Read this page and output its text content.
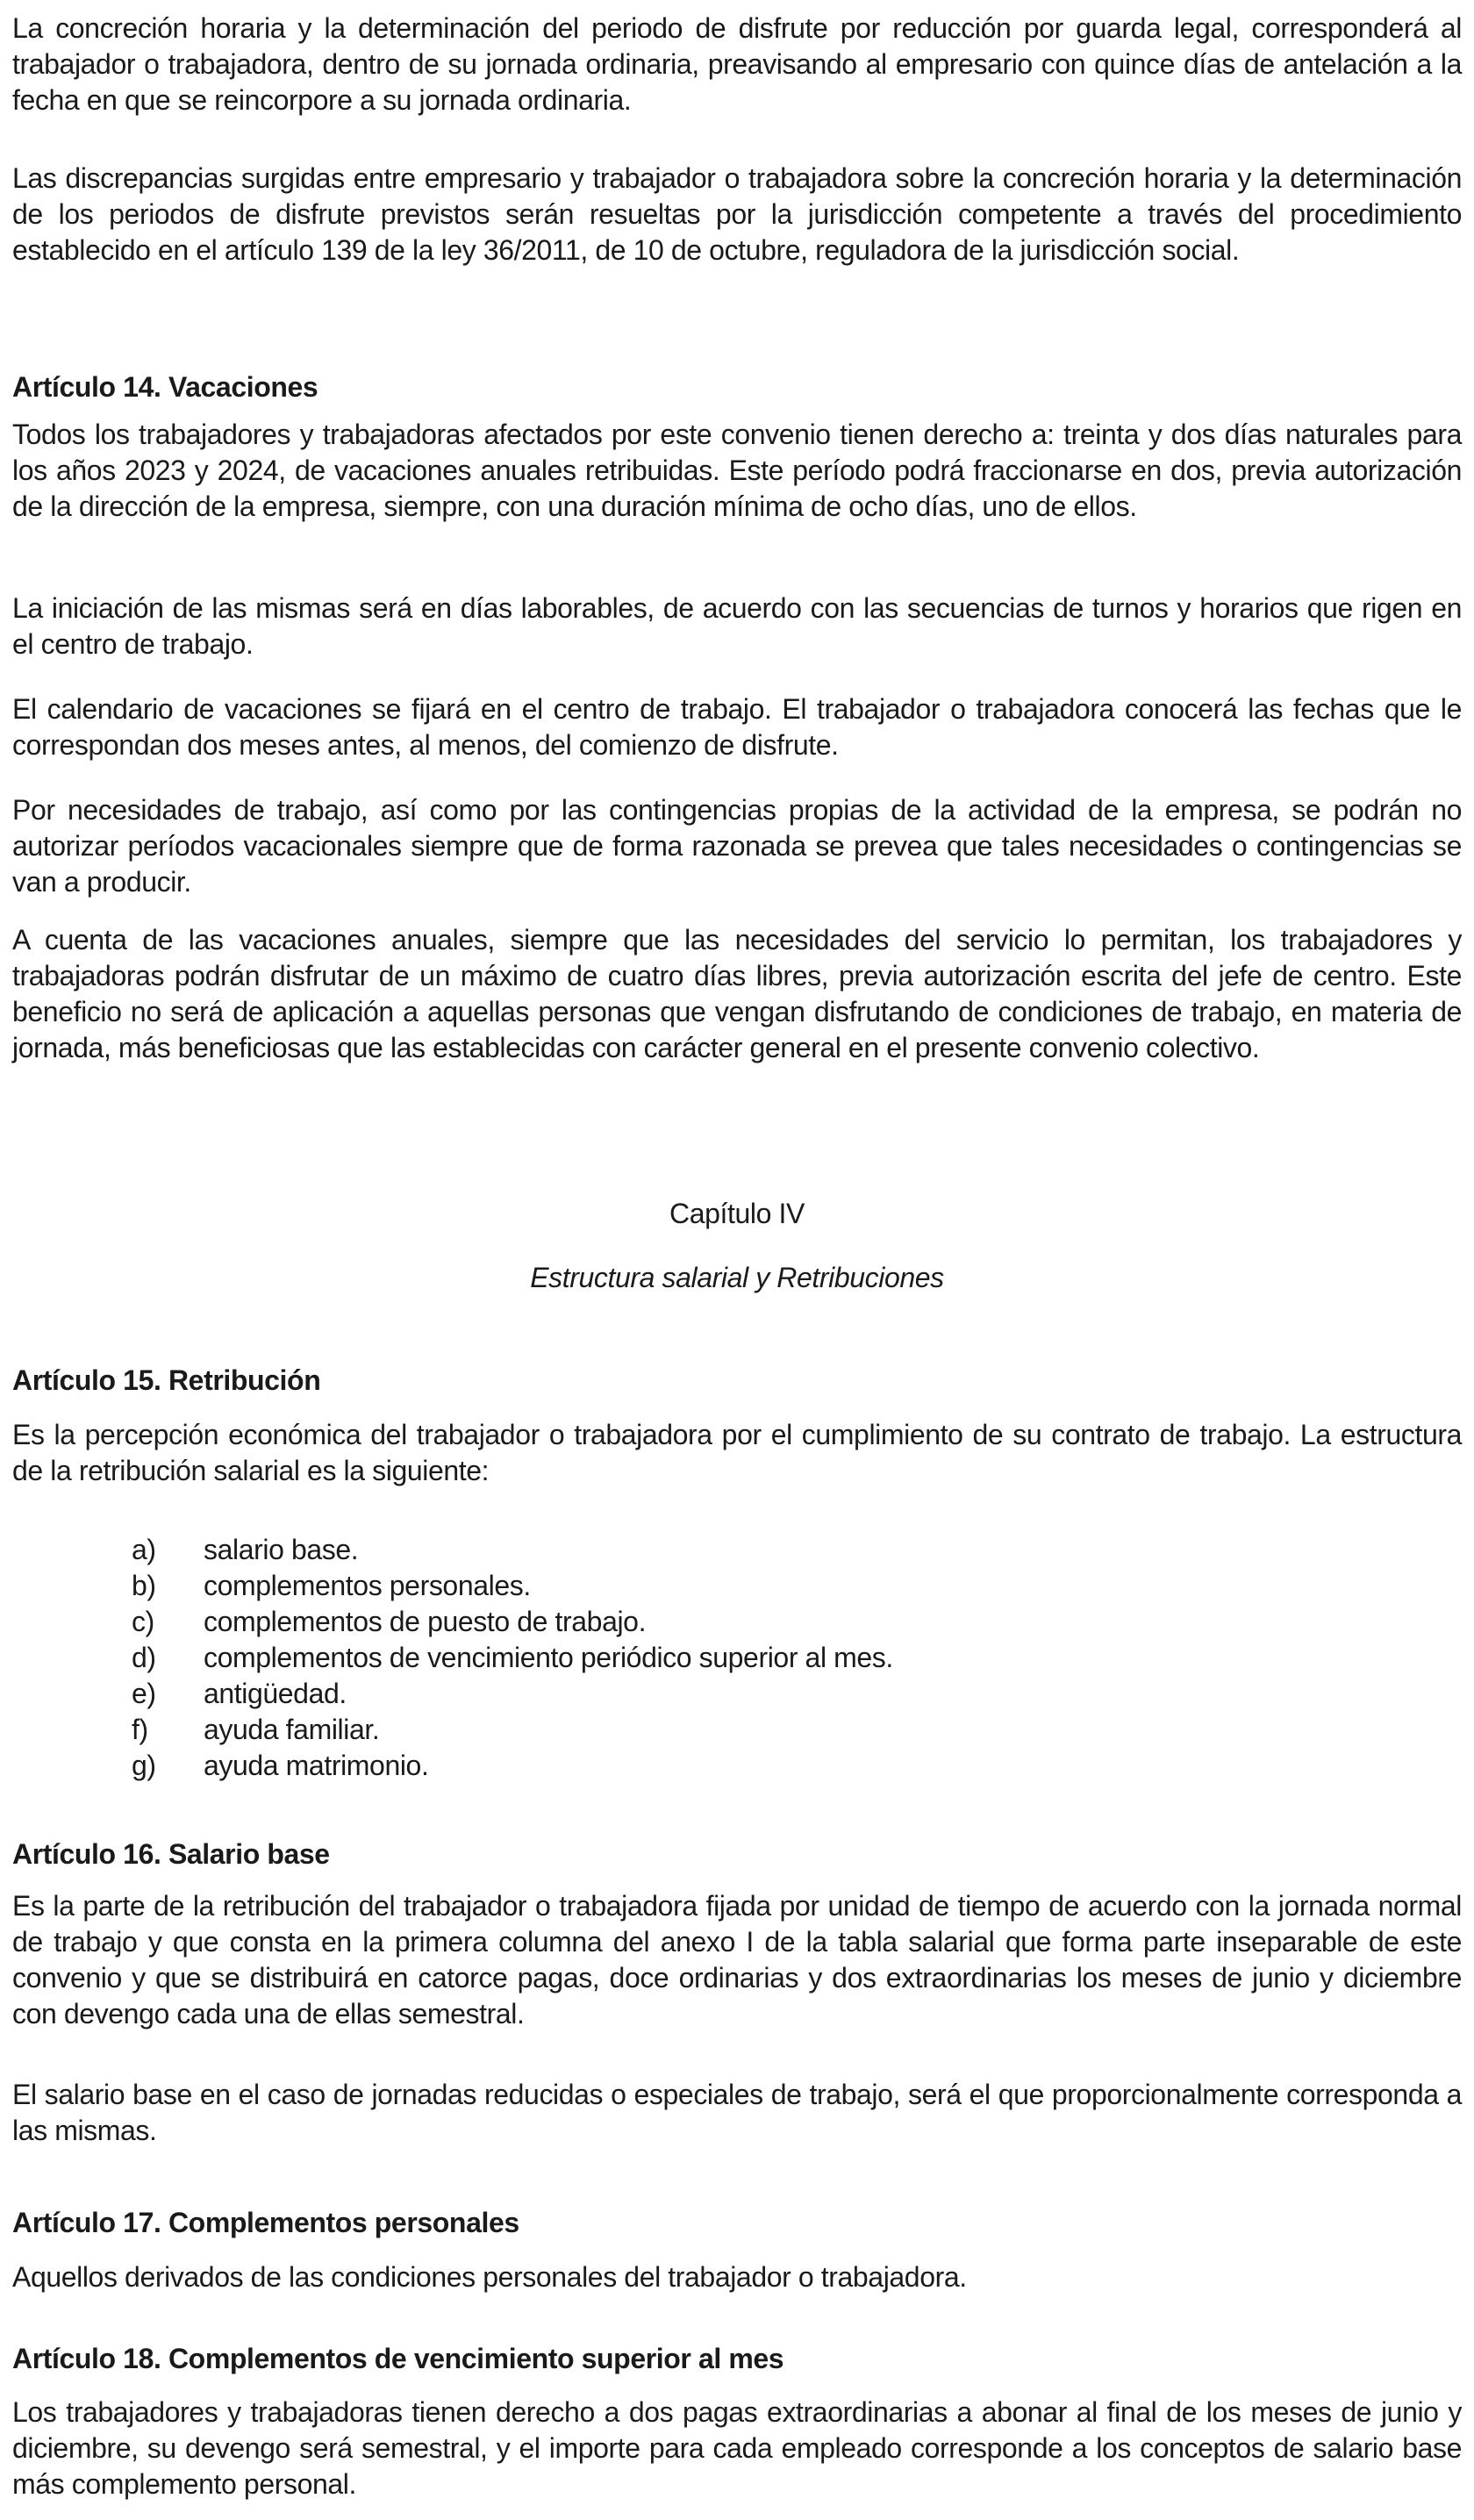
La concreción horaria y la determinación del periodo de disfrute por reducción por guarda legal, corresponderá al trabajador o trabajadora, dentro de su jornada ordinaria, preavisando al empresario con quince días de antelación a la fecha en que se reincorpore a su jornada ordinaria.

Las discrepancias surgidas entre empresario y trabajador o trabajadora sobre la concreción horaria y la determinación de los periodos de disfrute previstos serán resueltas por la jurisdicción competente a través del procedimiento establecido en el artículo 139 de la ley 36/2011, de 10 de octubre, reguladora de la jurisdicción social.

Artículo 14. Vacaciones

Todos los trabajadores y trabajadoras afectados por este convenio tienen derecho a: treinta y dos días naturales para los años 2023 y 2024, de vacaciones anuales retribuidas. Este período podrá fraccionarse en dos, previa autorización de la dirección de la empresa, siempre, con una duración mínima de ocho días, uno de ellos.

La iniciación de las mismas será en días laborables, de acuerdo con las secuencias de turnos y horarios que rigen en el centro de trabajo.

El calendario de vacaciones se fijará en el centro de trabajo. El trabajador o trabajadora conocerá las fechas que le correspondan dos meses antes, al menos, del comienzo de disfrute.

Por necesidades de trabajo, así como por las contingencias propias de la actividad de la empresa, se podrán no autorizar períodos vacacionales siempre que de forma razonada se prevea que tales necesidades o contingencias se van a producir.

A cuenta de las vacaciones anuales, siempre que las necesidades del servicio lo permitan, los trabajadores y trabajadoras podrán disfrutar de un máximo de cuatro días libres, previa autorización escrita del jefe de centro. Este beneficio no será de aplicación a aquellas personas que vengan disfrutando de condiciones de trabajo, en materia de jornada, más beneficiosas que las establecidas con carácter general en el presente convenio colectivo.

Capítulo IV
Estructura salarial y Retribuciones
Artículo 15. Retribución

Es la percepción económica del trabajador o trabajadora por el cumplimiento de su contrato de trabajo. La estructura de la retribución salarial es la siguiente:

a)	salario base.
b)	complementos personales.
c)	complementos de puesto de trabajo.
d)	complementos de vencimiento periódico superior al mes.
e)	antigüedad.
f)	ayuda familiar.
g)	ayuda matrimonio.
Artículo 16. Salario base

Es la parte de la retribución del trabajador o trabajadora fijada por unidad de tiempo de acuerdo con la jornada normal de trabajo y que consta en la primera columna del anexo I de la tabla salarial que forma parte inseparable de este convenio y que se distribuirá en catorce pagas, doce ordinarias y dos extraordinarias los meses de junio y diciembre con devengo cada una de ellas semestral.

El salario base en el caso de jornadas reducidas o especiales de trabajo, será el que proporcionalmente corresponda a las mismas.

Artículo 17. Complementos personales

Aquellos derivados de las condiciones personales del trabajador o trabajadora.

Artículo 18. Complementos de vencimiento superior al mes

Los trabajadores y trabajadoras tienen derecho a dos pagas extraordinarias a abonar al final de los meses de junio y diciembre, su devengo será semestral, y el importe para cada empleado corresponde a los conceptos de salario base más complemento personal.
